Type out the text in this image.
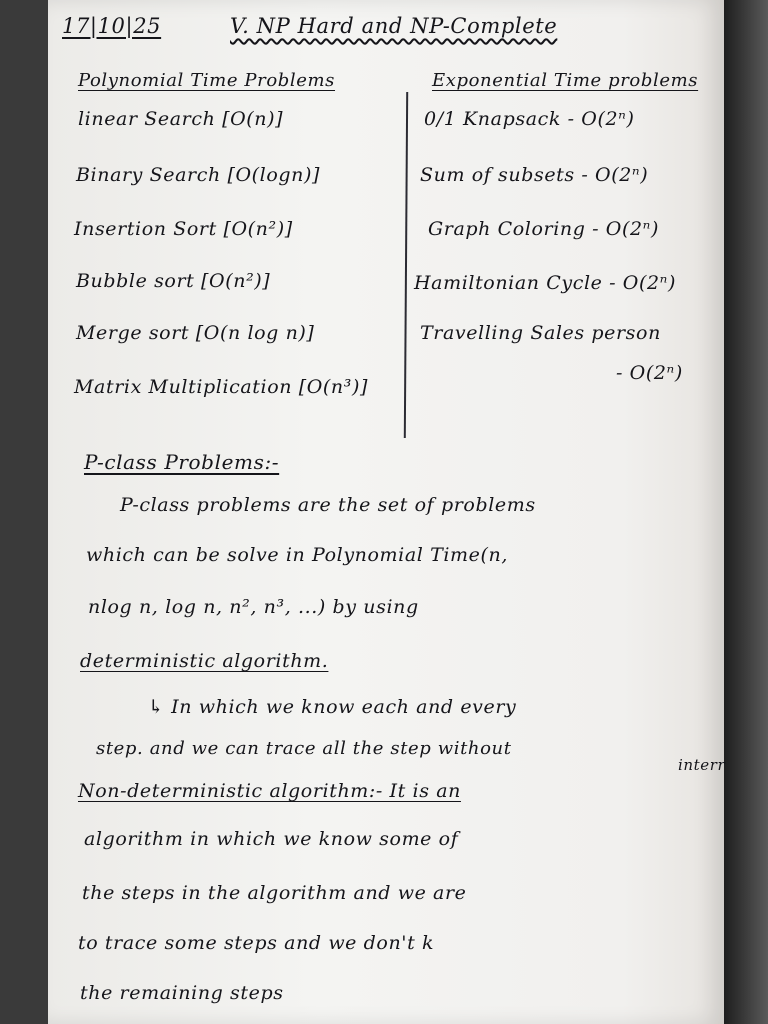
17|10|25	V. NP Hard and NP-Complete
Polynomial Time Problems	Exponential Time problems
linear Search [O(n)]
Binary Search [O(logn)]
Insertion Sort [O(n²)]
Bubble sort [O(n²)]
Merge sort [O(n log n)]
Matrix Multiplication [O(n³)]
0/1 Knapsack - O(2ⁿ)
Sum of subsets - O(2ⁿ)
Graph Coloring - O(2ⁿ)
Hamiltonian Cycle - O(2ⁿ)
Travelling Sales person
- O(2ⁿ)
P-class Problems:-
P-class problems are the set of problems
which can be solve in Polynomial Time(n,
nlog n, log n, n², n³, ...) by using
deterministic algorithm.
↳ In which we know each and every
step. and we can trace all the step without
interr
Non-deterministic algorithm:- It is an
algorithm in which we know some of
the steps in the algorithm and we are
to trace some steps and we don't k
the remaining steps
